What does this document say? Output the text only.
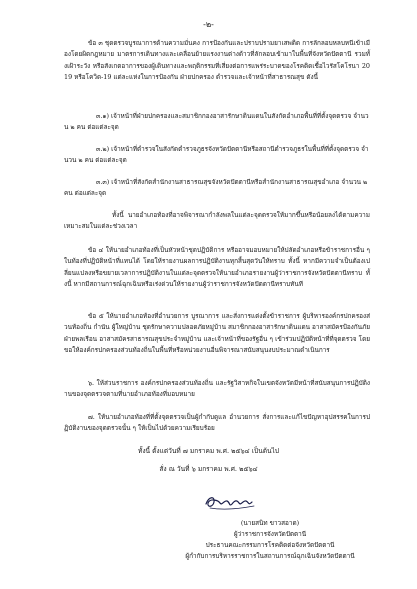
-๒-

ข้อ ๓ ชุดตรวจบูรณาการด้านความมั่นคง การป้องกันและปราบปรามยาเสพติด การลักลอบหลบหนีเข้าเมืองโดยผิดกฎหมาย มาตรการเดินทางและเคลื่อนย้ายแรงงานต่างด้าวที่ลักลอบเข้ามาในพื้นที่จังหวัดปัตตานี รวมทั้งเฝ้าระวัง หรือสังเกตอาการของผู้เดินทางและพฤติกรรมที่เสี่ยงต่อการแพร่ระบาดของโรคติดเชื้อไวรัสโคโรนา 2019 หรือโควิด-19 แต่ละแห่งในการป้องกัน ฝ่ายปกครอง ตำรวจและเจ้าหน้าที่สาธารณสุข ดังนี้

๓.๑) เจ้าหน้าที่ฝ่ายปกครองและสมาชิกกองอาสารักษาดินแดนในสังกัดอำเภอพื้นที่ที่ตั้งจุดตรวจ จำนวน ๒ คน ต่อแต่ละจุด

๓.๒) เจ้าหน้าที่ตำรวจในสังกัดตำรวจภูธรจังหวัดปัตตานีหรือสถานีตำรวจภูธรในพื้นที่ที่ตั้งจุดตรวจ จำนวน ๒ คน ต่อแต่ละจุด

๓.๓) เจ้าหน้าที่สังกัดสำนักงานสาธารณสุขจังหวัดปัตตานีหรือสำนักงานสาธารณสุขอำเภอ จำนวน ๒ คน ต่อแต่ละจุด

ทั้งนี้ นายอำเภอท้องที่อาจพิจารณากำลังพลในแต่ละจุดตรวจให้มากขึ้นหรือน้อยลงได้ตามความเหมาะสมในแต่ละช่วงเวลา

ข้อ ๔ ให้นายอำเภอท้องที่เป็นหัวหน้าชุดปฏิบัติการ หรืออาจมอบหมายให้ปลัดอำเภอหรือข้าราชการอื่น ๆ ในท้องที่ปฏิบัติหน้าที่แทนได้ โดยให้รายงานผลการปฏิบัติงานทุกสิ้นสุดวันให้ทราบ ทั้งนี้ หากมีความจำเป็นต้องเปลี่ยนแปลงหรือขยายเวลาการปฏิบัติงานในแต่ละจุดตรวจให้นายอำเภอรายงานผู้ว่าราชการจังหวัดปัตตานีทราบ ทั้งนี้ หากมีสถานการณ์ฉุกเฉินหรือเร่งด่วนให้รายงานผู้ว่าราชการจังหวัดปัตตานีทราบทันที

ข้อ ๕ ให้นายอำเภอท้องที่อำนวยการ บูรณาการ และสั่งการแต่งตั้งข้าราชการ ผู้บริหารองค์กรปกครองส่วนท้องถิ่น กำนัน ผู้ใหญ่บ้าน ชุดรักษาความปลอดภัยหมู่บ้าน สมาชิกกองอาสารักษาดินแดน อาสาสมัครป้องกันภัยฝ่ายพลเรือน อาสาสมัครสาธารณสุขประจำหมู่บ้าน และเจ้าหน้าที่ของรัฐอื่น ๆ เข้าร่วมปฏิบัติหน้าที่ที่จุดตรวจ โดยขอให้องค์กรปกครองส่วนท้องถิ่นในพื้นที่หรือหน่วยงานอื่นพิจารณาสนับสนุนงบประมาณดำเนินการ

๖. ให้ส่วนราชการ องค์กรปกครองส่วนท้องถิ่น และรัฐวิสาหกิจในเขตจังหวัดมีหน้าที่สนับสนุนการปฏิบัติงานของจุดตรวจตามที่นายอำเภอท้องที่มอบหมาย

๗. ให้นายอำเภอท้องที่ที่ตั้งจุดตรวจเป็นผู้กำกับดูแล อำนวยการ สั่งการและแก้ไขปัญหาอุปสรรคในการปฏิบัติงานของจุดตรวจนั้น ๆ ให้เป็นไปด้วยความเรียบร้อย

ทั้งนี้ ตั้งแต่วันที่ ๗ มกราคม พ.ศ. ๒๕๖๔ เป็นต้นไป

สั่ง ณ วันที่ ๖ มกราคม พ.ศ. ๒๕๖๔

(นายสนิท ขาวสอาด)
ผู้ว่าราชการจังหวัดปัตตานี
ประธานคณะกรรมการโรคติดต่อจังหวัดปัตตานี
ผู้กำกับการบริหารราชการในสถานการณ์ฉุกเฉินจังหวัดปัตตานี
